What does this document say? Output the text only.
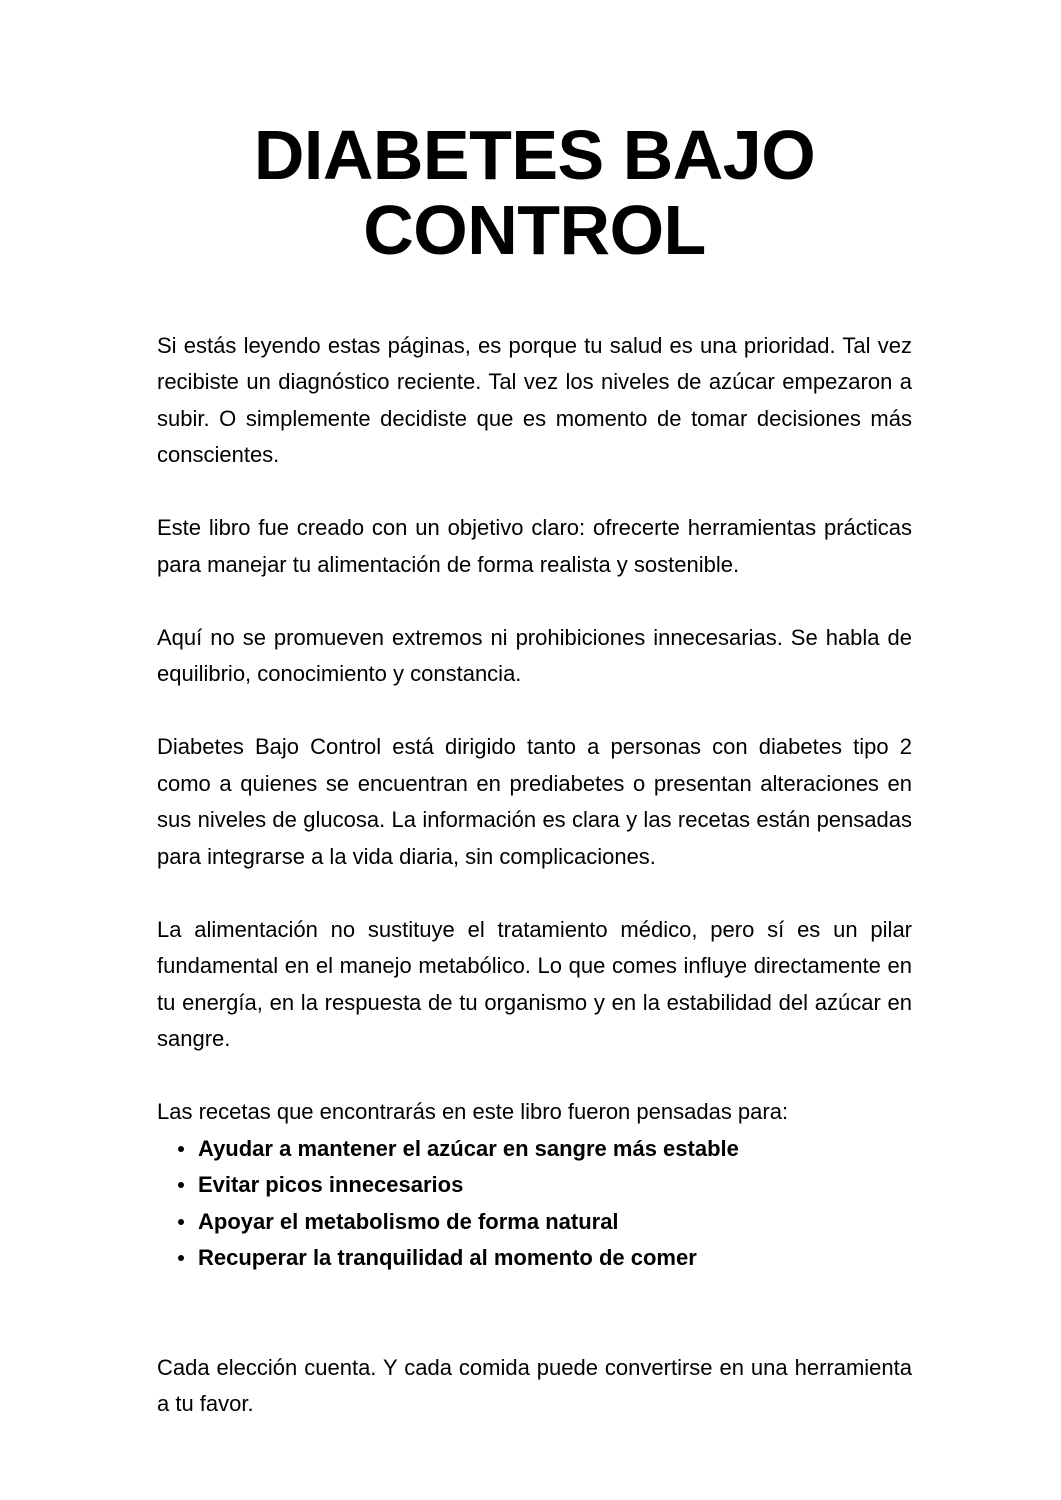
DIABETES BAJO
CONTROL

Si estás leyendo estas páginas, es porque tu salud es una prioridad. Tal vez recibiste un diagnóstico reciente. Tal vez los niveles de azúcar empezaron a subir. O simplemente decidiste que es momento de tomar decisiones más conscientes.

Este libro fue creado con un objetivo claro: ofrecerte herramientas prácticas para manejar tu alimentación de forma realista y sostenible.

Aquí no se promueven extremos ni prohibiciones innecesarias. Se habla de equilibrio, conocimiento y constancia.

Diabetes Bajo Control está dirigido tanto a personas con diabetes tipo 2 como a quienes se encuentran en prediabetes o presentan alteraciones en sus niveles de glucosa. La información es clara y las recetas están pensadas para integrarse a la vida diaria, sin complicaciones.

La alimentación no sustituye el tratamiento médico, pero sí es un pilar fundamental en el manejo metabólico. Lo que comes influye directamente en tu energía, en la respuesta de tu organismo y en la estabilidad del azúcar en sangre.

Las recetas que encontrarás en este libro fueron pensadas para:

Ayudar a mantener el azúcar en sangre más estable
Evitar picos innecesarios
Apoyar el metabolismo de forma natural
Recuperar la tranquilidad al momento de comer

Cada elección cuenta. Y cada comida puede convertirse en una herramienta a tu favor.
